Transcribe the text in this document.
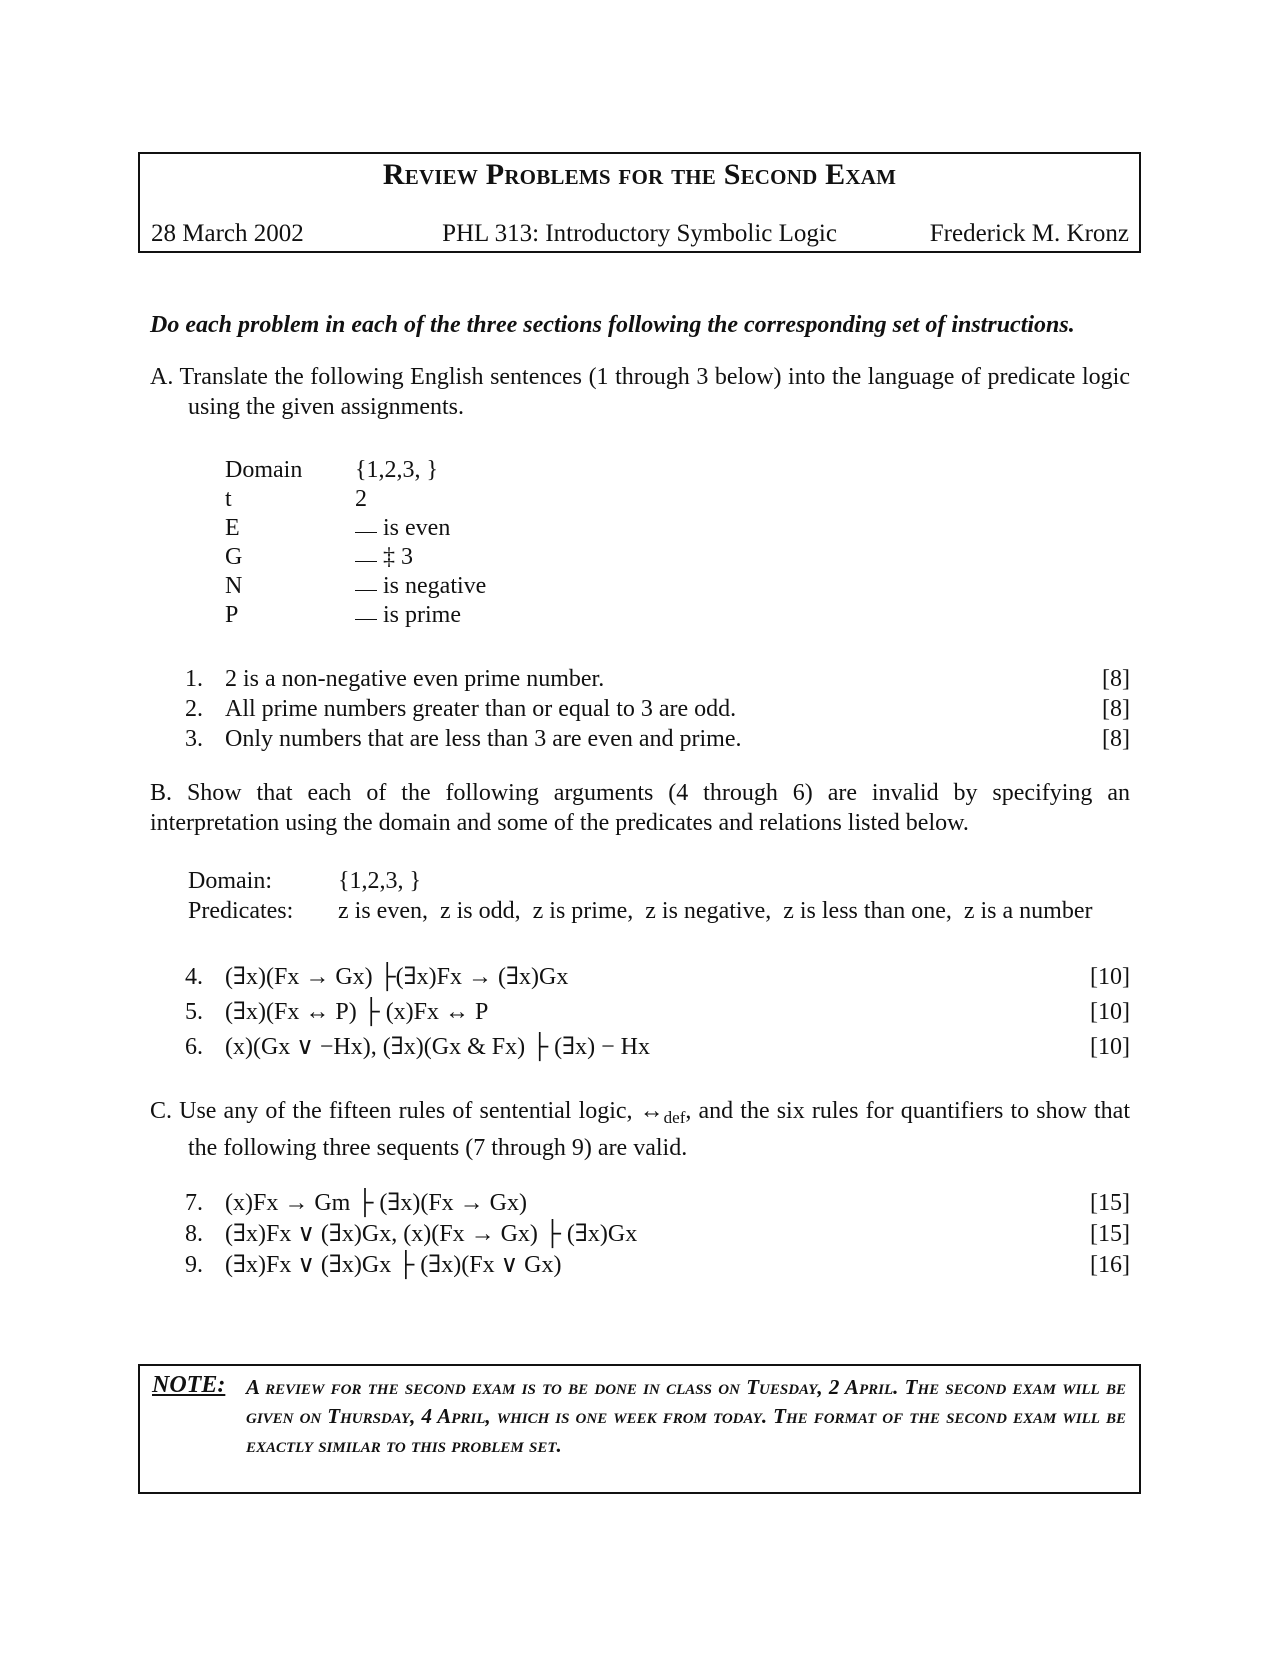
Review Problems for the Second Exam
28 March 2002	PHL 313: Introductory Symbolic Logic	Frederick M. Kronz
Do each problem in each of the three sections following the corresponding set of instructions.
A. Translate the following English sentences (1 through 3 below) into the language of predicate logic using the given assignments.
Domain {1,2,3, }
t	2
E	is even
G	‡ 3
N	is negative
P	is prime
1. 2 is a non-negative even prime number.	[8]
2. All prime numbers greater than or equal to 3 are odd.	[8]
3. Only numbers that are less than 3 are even and prime.	[8]
B. Show that each of the following arguments (4 through 6) are invalid by specifying an interpretation using the domain and some of the predicates and relations listed below.
Domain:	{1,2,3, }
Predicates: z is even,  z is odd,  z is prime,  z is negative,  z is less than one,  z is a number
4. (∃x)(Fx → Gx) ├(∃x)Fx → (∃x)Gx	[10]
5. (∃x)(Fx ↔ P) ├ (x)Fx ↔ P	[10]
6. (x)(Gx ∨ −Hx), (∃x)(Gx & Fx) ├ (∃x) − Hx	[10]
C. Use any of the fifteen rules of sentential logic, $\leftrightarrow_{def}$, and the six rules for quantifiers to show that the following three sequents (7 through 9) are valid.
7. (x)Fx → Gm ├ (∃x)(Fx → Gx)	[15]
8. (∃x)Fx ∨ (∃x)Gx, (x)(Fx → Gx) ├ (∃x)Gx	[15]
9. (∃x)Fx ∨ (∃x)Gx ├ (∃x)(Fx ∨ Gx)	[16]
NOTE: A review for the second exam is to be done in class on Tuesday, 2 April. The second exam will be given on Thursday, 4 April, which is one week from today. The format of the second exam will be exactly similar to this problem set.
